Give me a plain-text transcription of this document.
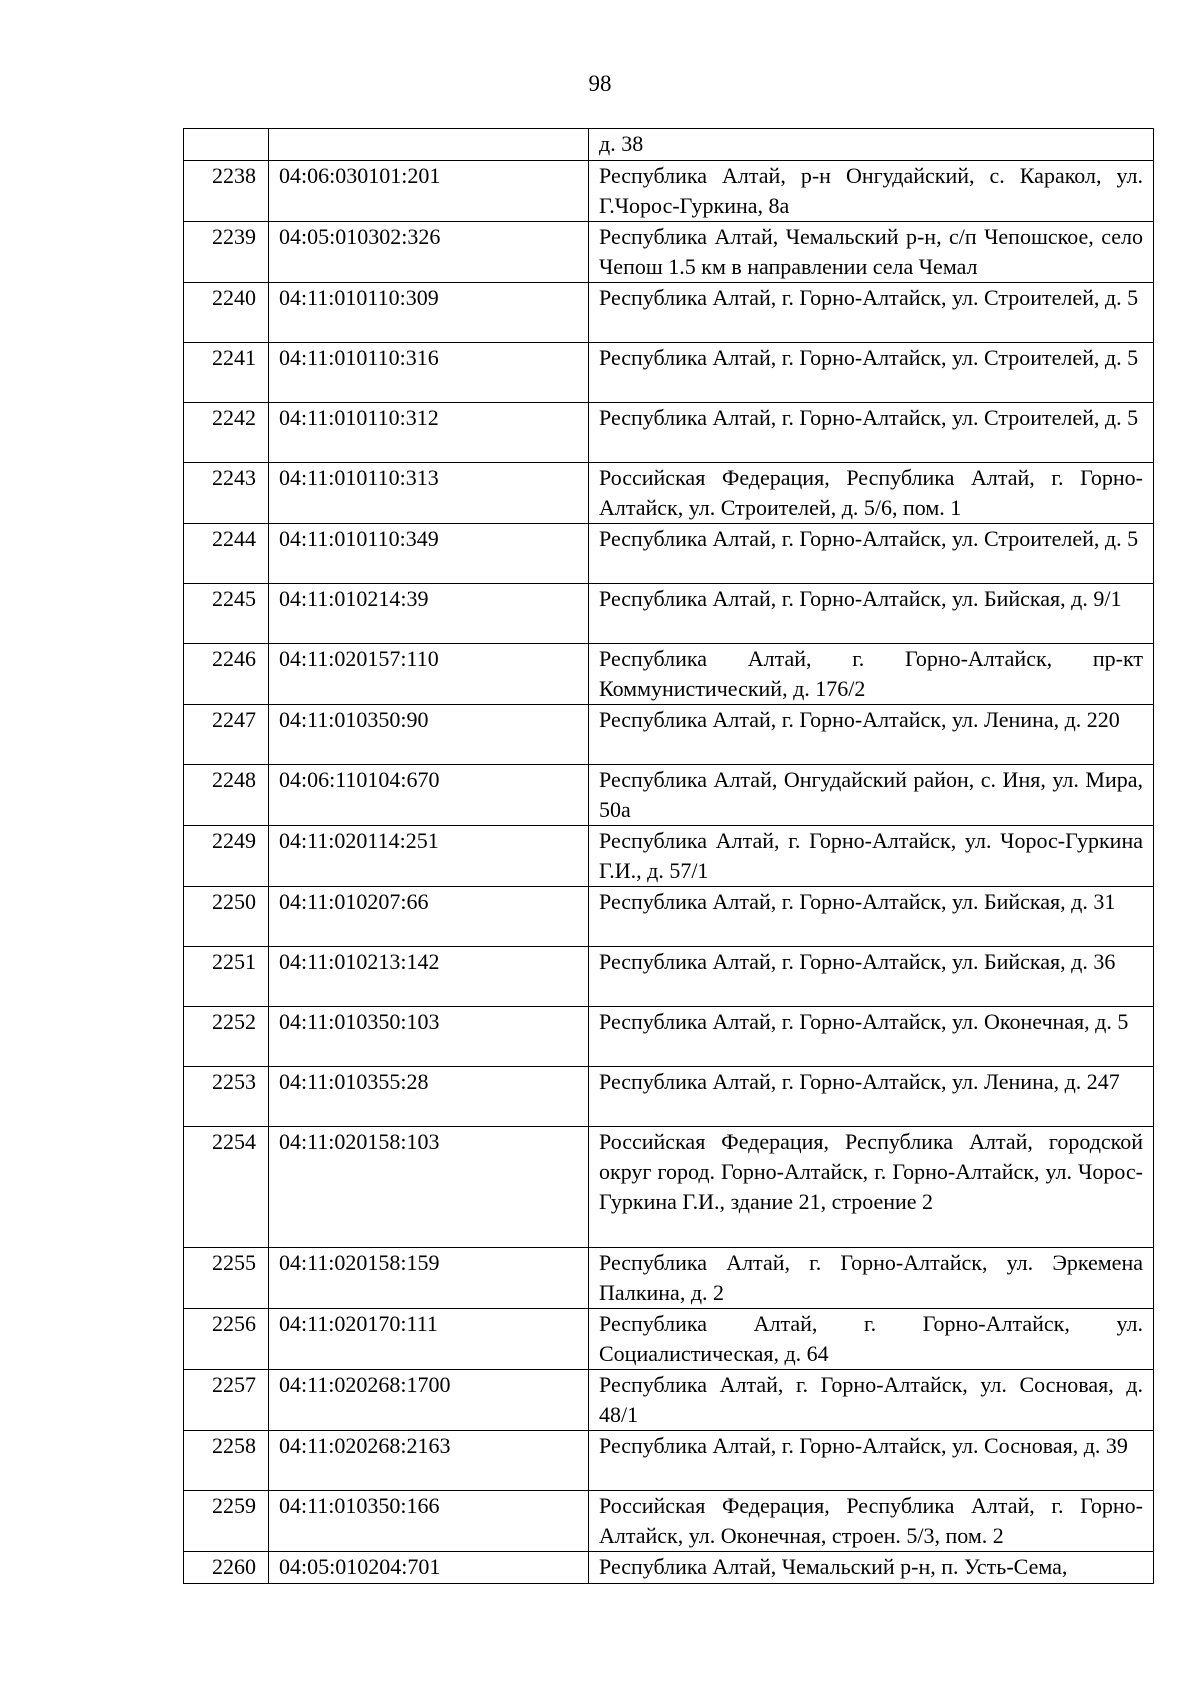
98
		д. 38
2238	04:06:030101:201	Республика Алтай, р-н Онгудайский, с. Каракол, ул. Г.Чорос-Гуркина, 8а
2239	04:05:010302:326	Республика Алтай, Чемальский р-н, с/п Чепошское, село Чепош 1.5 км в направлении села Чемал
2240	04:11:010110:309	Республика Алтай, г. Горно-Алтайск, ул. Строителей, д. 5
2241	04:11:010110:316	Республика Алтай, г. Горно-Алтайск, ул. Строителей, д. 5
2242	04:11:010110:312	Республика Алтай, г. Горно-Алтайск, ул. Строителей, д. 5
2243	04:11:010110:313	Российская Федерация, Республика Алтай, г. Горно-Алтайск, ул. Строителей, д. 5/6, пом. 1
2244	04:11:010110:349	Республика Алтай, г. Горно-Алтайск, ул. Строителей, д. 5
2245	04:11:010214:39	Республика Алтай, г. Горно-Алтайск, ул. Бийская, д. 9/1
2246	04:11:020157:110	Республика Алтай, г. Горно-Алтайск, пр-кт Коммунистический, д. 176/2
2247	04:11:010350:90	Республика Алтай, г. Горно-Алтайск, ул. Ленина, д. 220
2248	04:06:110104:670	Республика Алтай, Онгудайский район, с. Иня, ул. Мира, 50а
2249	04:11:020114:251	Республика Алтай, г. Горно-Алтайск, ул. Чорос-Гуркина Г.И., д. 57/1
2250	04:11:010207:66	Республика Алтай, г. Горно-Алтайск, ул. Бийская, д. 31
2251	04:11:010213:142	Республика Алтай, г. Горно-Алтайск, ул. Бийская, д. 36
2252	04:11:010350:103	Республика Алтай, г. Горно-Алтайск, ул. Оконечная, д. 5
2253	04:11:010355:28	Республика Алтай, г. Горно-Алтайск, ул. Ленина, д. 247
2254	04:11:020158:103	Российская Федерация, Республика Алтай, городской округ город. Горно-Алтайск, г. Горно-Алтайск, ул. Чорос-Гуркина Г.И., здание 21, строение 2
2255	04:11:020158:159	Республика Алтай, г. Горно-Алтайск, ул. Эркемена Палкина, д. 2
2256	04:11:020170:111	Республика Алтай, г. Горно-Алтайск, ул. Социалистическая, д. 64
2257	04:11:020268:1700	Республика Алтай, г. Горно-Алтайск, ул. Сосновая, д. 48/1
2258	04:11:020268:2163	Республика Алтай, г. Горно-Алтайск, ул. Сосновая, д. 39
2259	04:11:010350:166	Российская Федерация, Республика Алтай, г. Горно-Алтайск, ул. Оконечная, строен. 5/3, пом. 2
2260	04:05:010204:701	Республика Алтай, Чемальский р-н, п. Усть-Сема,
